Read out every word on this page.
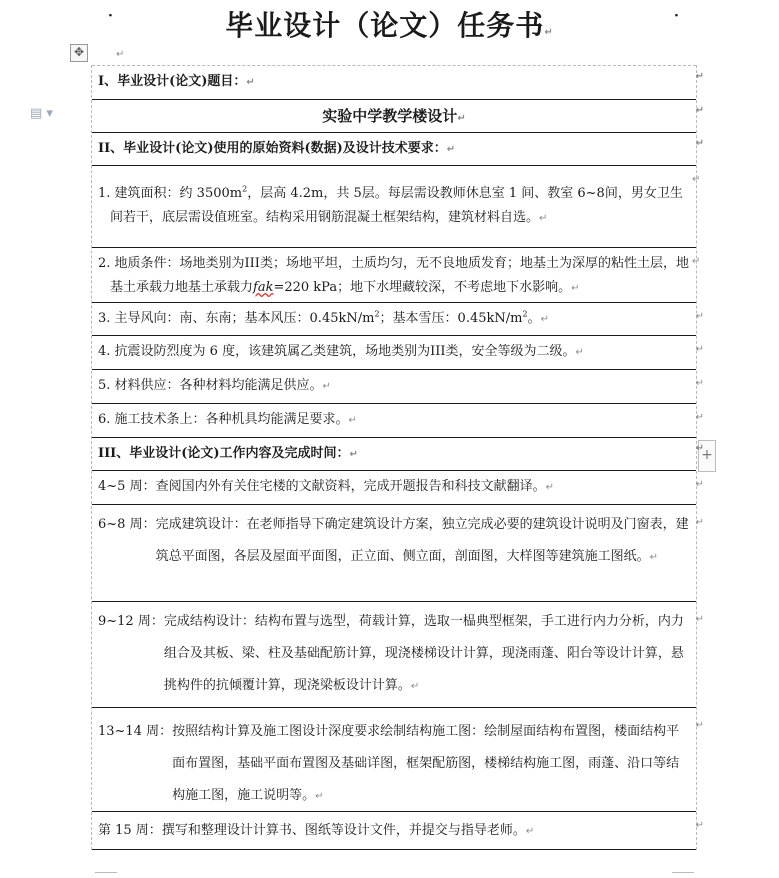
·	毕业设计（论文）任务书↵
·
✥	↵
▤ ▾
+
I、毕业设计(论文)题目：↵
↵
实验中学教学楼设计↵
↵
II、毕业设计(论文)使用的原始资料(数据)及设计技术要求：↵
↵
1. 建筑面积：约 $3500m^2$，层高 4.2m，共 5层。每层需设教师休息室 1 间、教室 6~8间，男女卫生间若干，底层需设值班室。结构采用钢筋混凝土框架结构，建筑材料自选。↵
↵
2. 地质条件：场地类别为III类；场地平坦，土质均匀，无不良地质发育；地基土为深厚的粘性土层，地基土承载力地基土承载力fak=220 kPa；地下水埋藏较深，不考虑地下水影响。↵
↵
3. 主导风向：南、东南；基本风压：$0.45kN/m^2$；基本雪压：$0.45kN/m^2$。↵	↵
4. 抗震设防烈度为 6 度，该建筑属乙类建筑，场地类别为III类，安全等级为二级。↵	↵
5. 材料供应：各种材料均能满足供应。↵	↵
6. 施工技术条上：各种机具均能满足要求。↵	↵
III、毕业设计(论文)工作内容及完成时间：↵
↵
4~5 周： 查阅国内外有关住宅楼的文献资料，完成开题报告和科技文献翻译。↵	↵
6~8 周： 完成建筑设计：在老师指导下确定建筑设计方案，独立完成必要的建筑设计说明及门窗表，建筑总平面图，各层及屋面平面图，正立面、侧立面，剖面图，大样图等建筑施工图纸。↵
↵
9~12 周： 完成结构设计：结构布置与选型，荷载计算，选取一榀典型框架，手工进行内力分析，内力组合及其板、梁、柱及基础配筋计算，现浇楼梯设计计算，现浇雨蓬、阳台等设计计算，悬挑构件的抗倾覆计算，现浇梁板设计计算。↵
↵
13~14 周： 按照结构计算及施工图设计深度要求绘制结构施工图：绘制屋面结构布置图，楼面结构平面布置图，基础平面布置图及基础详图，框架配筋图，楼梯结构施工图，雨蓬、沿口等结构施工图，施工说明等。↵
↵
第 15 周： 撰写和整理设计计算书、图纸等设计文件，并提交与指导老师。↵
↵
